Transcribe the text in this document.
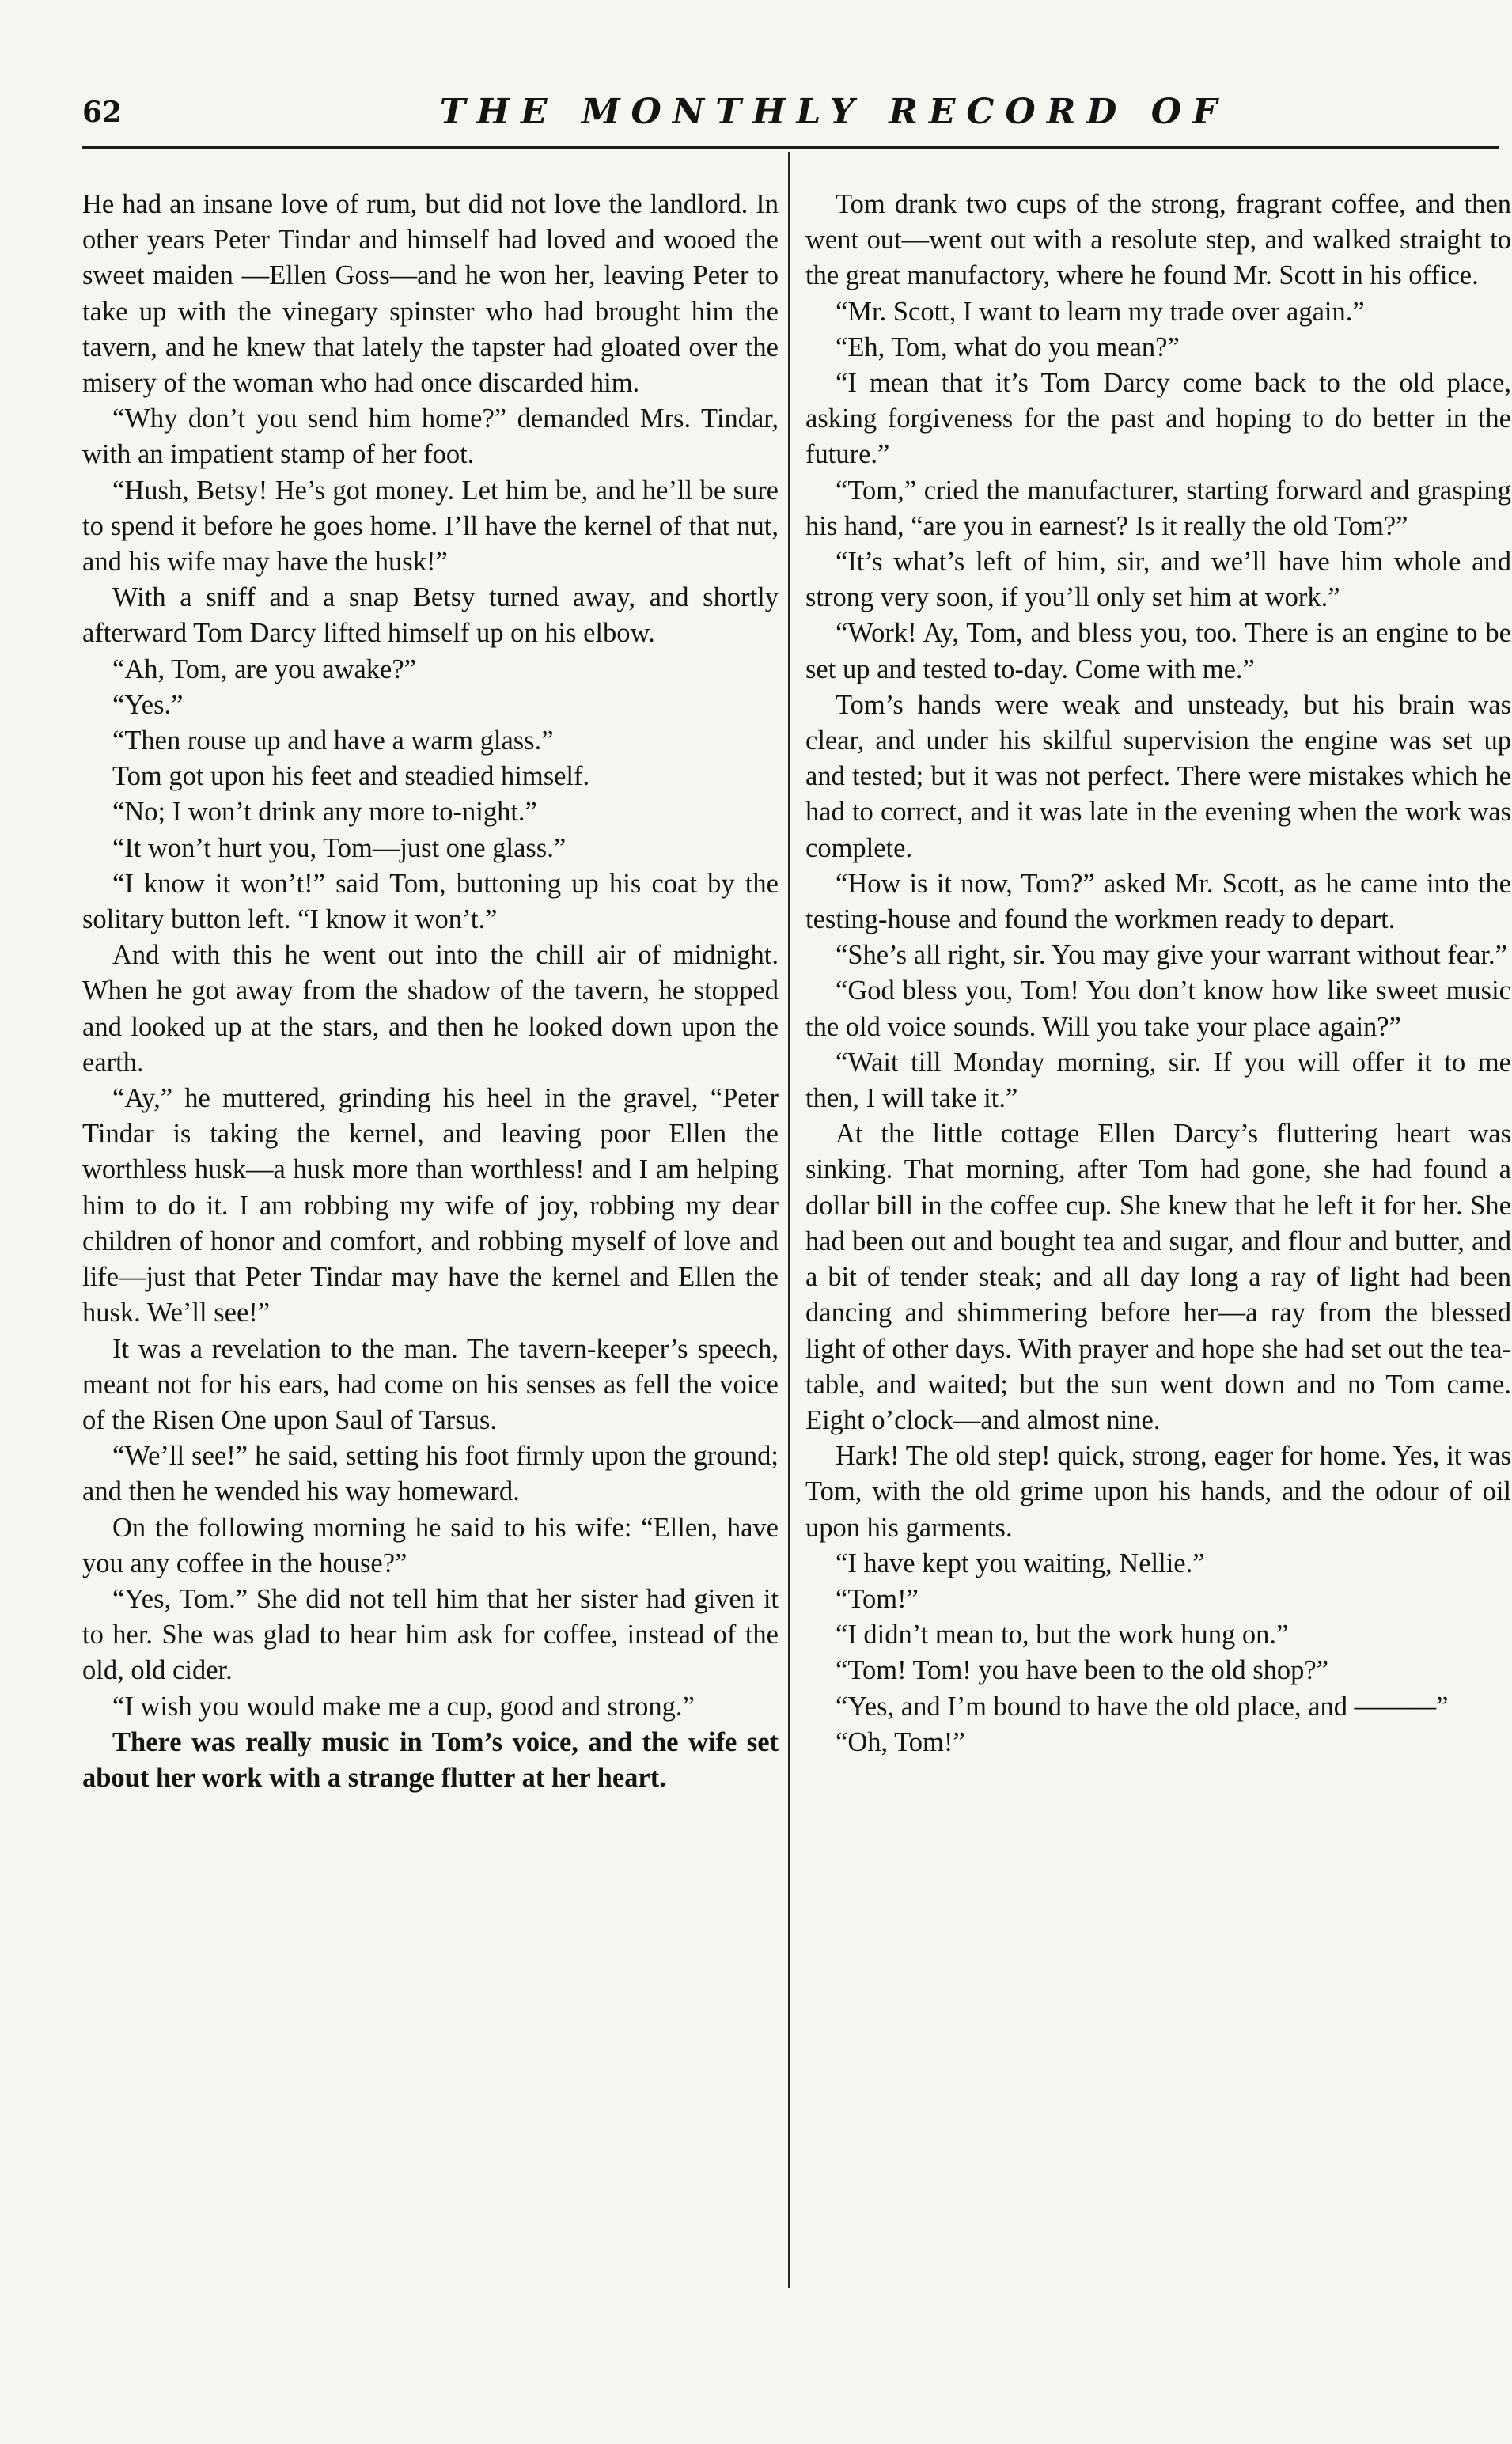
62	THE MONTHLY RECORD OF

He had an insane love of rum, but did not love the landlord. In other years Peter Tindar and himself had loved and wooed the sweet maiden —Ellen Goss—and he won her, leaving Peter to take up with the vinegary spinster who had brought him the tavern, and he knew that lately the tapster had gloated over the misery of the woman who had once discarded him.

“Why don’t you send him home?” demanded Mrs. Tindar, with an impatient stamp of her foot.

“Hush, Betsy! He’s got money. Let him be, and he’ll be sure to spend it before he goes home. I’ll have the kernel of that nut, and his wife may have the husk!”

With a sniff and a snap Betsy turned away, and shortly afterward Tom Darcy lifted himself up on his elbow.

“Ah, Tom, are you awake?”

“Yes.”

“Then rouse up and have a warm glass.”

Tom got upon his feet and steadied himself.

“No; I won’t drink any more to-night.”

“It won’t hurt you, Tom—just one glass.”

“I know it won’t!” said Tom, buttoning up his coat by the solitary button left. “I know it won’t.”

And with this he went out into the chill air of midnight. When he got away from the shadow of the tavern, he stopped and looked up at the stars, and then he looked down upon the earth.

“Ay,” he muttered, grinding his heel in the gravel, “Peter Tindar is taking the kernel, and leaving poor Ellen the worthless husk—a husk more than worthless! and I am helping him to do it. I am robbing my wife of joy, robbing my dear children of honor and comfort, and robbing myself of love and life—just that Peter Tindar may have the kernel and Ellen the husk. We’ll see!”

It was a revelation to the man. The tavern-keeper’s speech, meant not for his ears, had come on his senses as fell the voice of the Risen One upon Saul of Tarsus.

“We’ll see!” he said, setting his foot firmly upon the ground; and then he wended his way homeward.

On the following morning he said to his wife: “Ellen, have you any coffee in the house?”

“Yes, Tom.” She did not tell him that her sister had given it to her. She was glad to hear him ask for coffee, instead of the old, old cider.

“I wish you would make me a cup, good and strong.”

There was really music in Tom’s voice, and the wife set about her work with a strange flutter at her heart.

Tom drank two cups of the strong, fragrant coffee, and then went out—went out with a resolute step, and walked straight to the great manufactory, where he found Mr. Scott in his office.

“Mr. Scott, I want to learn my trade over again.”

“Eh, Tom, what do you mean?”

“I mean that it’s Tom Darcy come back to the old place, asking forgiveness for the past and hoping to do better in the future.”

“Tom,” cried the manufacturer, starting forward and grasping his hand, “are you in earnest? Is it really the old Tom?”

“It’s what’s left of him, sir, and we’ll have him whole and strong very soon, if you’ll only set him at work.”

“Work! Ay, Tom, and bless you, too. There is an engine to be set up and tested to-day. Come with me.”

Tom’s hands were weak and unsteady, but his brain was clear, and under his skilful supervision the engine was set up and tested; but it was not perfect. There were mistakes which he had to correct, and it was late in the evening when the work was complete.

“How is it now, Tom?” asked Mr. Scott, as he came into the testing-house and found the workmen ready to depart.

“She’s all right, sir. You may give your warrant without fear.”

“God bless you, Tom! You don’t know how like sweet music the old voice sounds. Will you take your place again?”

“Wait till Monday morning, sir. If you will offer it to me then, I will take it.”

At the little cottage Ellen Darcy’s fluttering heart was sinking. That morning, after Tom had gone, she had found a dollar bill in the coffee cup. She knew that he left it for her. She had been out and bought tea and sugar, and flour and butter, and a bit of tender steak; and all day long a ray of light had been dancing and shimmering before her—a ray from the blessed light of other days. With prayer and hope she had set out the tea-table, and waited; but the sun went down and no Tom came. Eight o’clock—and almost nine.

Hark! The old step! quick, strong, eager for home. Yes, it was Tom, with the old grime upon his hands, and the odour of oil upon his garments.

“I have kept you waiting, Nellie.”

“Tom!”

“I didn’t mean to, but the work hung on.”

“Tom! Tom! you have been to the old shop?”

“Yes, and I’m bound to have the old place, and ———”

“Oh, Tom!”
